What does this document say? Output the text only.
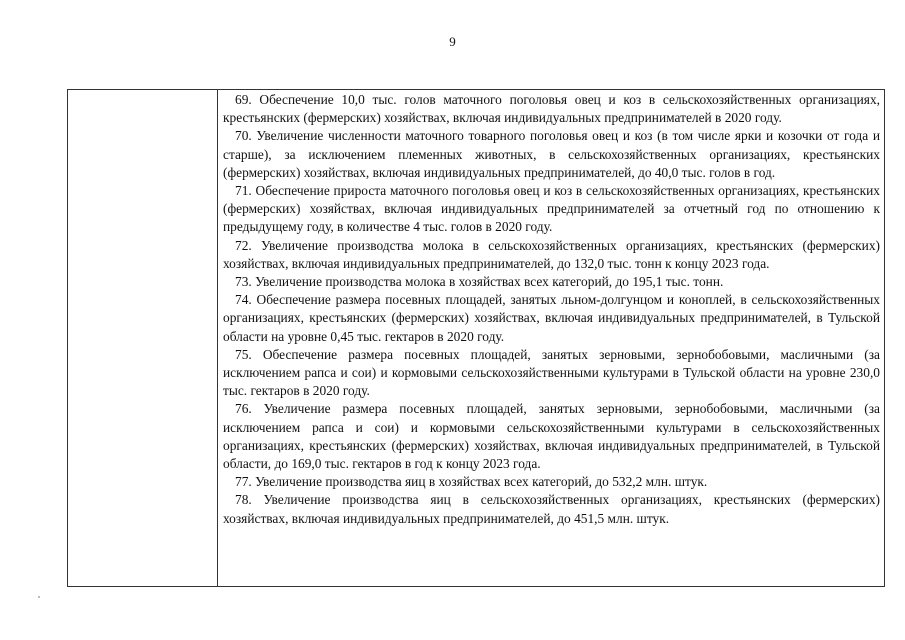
9

69. Обеспечение 10,0 тыс. голов маточного поголовья овец и коз в сельскохозяйственных организациях, крестьянских (фермерских) хозяйствах, включая индивидуальных предпринимателей в 2020 году.

70. Увеличение численности маточного товарного поголовья овец и коз (в том числе ярки и козочки от года и старше), за исключением племенных животных, в сельскохозяйственных организациях, крестьянских (фермерских) хозяйствах, включая индивидуальных предпринимателей, до 40,0 тыс. голов в год.

71. Обеспечение прироста маточного поголовья овец и коз в сельскохозяйственных организациях, крестьянских (фермерских) хозяйствах, включая индивидуальных предпринимателей за отчетный год по отношению к предыдущему году, в количестве 4 тыс. голов в 2020 году.

72. Увеличение производства молока в сельскохозяйственных организациях, крестьянских (фермерских) хозяйствах, включая индивидуальных предпринимателей, до 132,0 тыс. тонн к концу 2023 года.

73. Увеличение производства молока в хозяйствах всех категорий, до 195,1 тыс. тонн.

74. Обеспечение размера посевных площадей, занятых льном-долгунцом и коноплей, в сельскохозяйственных организациях, крестьянских (фермерских) хозяйствах, включая индивидуальных предпринимателей, в Тульской области на уровне 0,45 тыс. гектаров в 2020 году.

75. Обеспечение размера посевных площадей, занятых зерновыми, зернобобовыми, масличными (за исключением рапса и сои) и кормовыми сельскохозяйственными культурами в Тульской области на уровне 230,0 тыс. гектаров в 2020 году.

76. Увеличение размера посевных площадей, занятых зерновыми, зернобобовыми, масличными (за исключением рапса и сои) и кормовыми сельскохозяйственными культурами в сельскохозяйственных организациях, крестьянских (фермерских) хозяйствах, включая индивидуальных предпринимателей, в Тульской области, до 169,0 тыс. гектаров в год к концу 2023 года.

77. Увеличение производства яиц в хозяйствах всех категорий, до 532,2 млн. штук.

78. Увеличение производства яиц в сельскохозяйственных организациях, крестьянских (фермерских) хозяйствах, включая индивидуальных предпринимателей, до 451,5 млн. штук.
